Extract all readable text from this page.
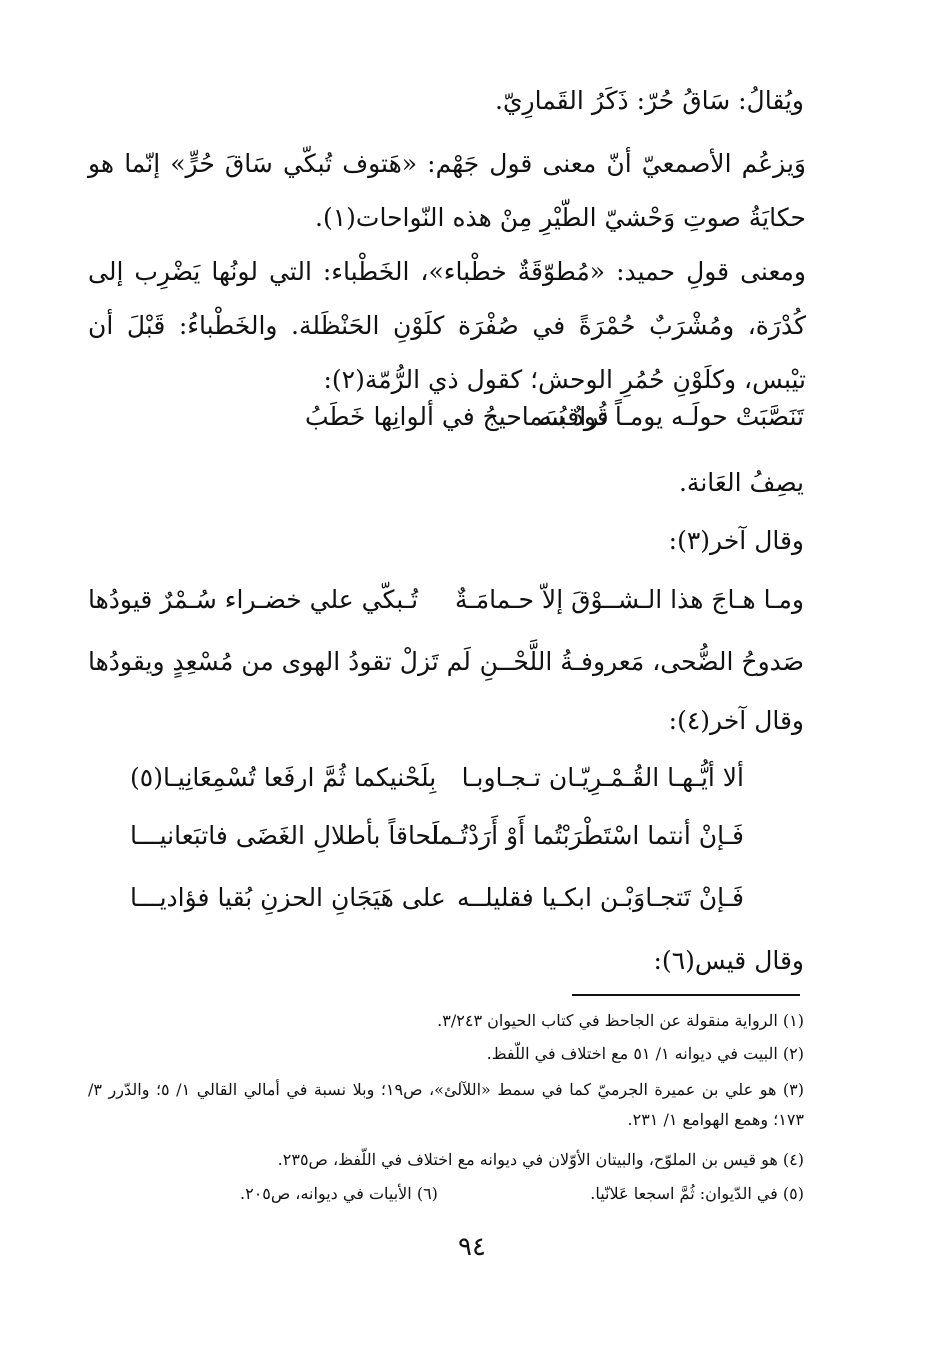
ويُقالُ: سَاقُ حُرّ: ذَكَرُ القَمارِيّ.
وَيزعُم الأصمعيّ أنّ معنى قول جَهْم: «هَتوف تُبكّي سَاقَ حُرٍّ» إنّما هو حكايَةُ صوتِ وَحْشيّ الطّيْرِ مِنْ هذه النّواحات(١).
ومعنى قولِ حميد: «مُطوّقَةٌ خطْباء»، الخَطْباء: التي لونُها يَضْرِب إلى كُدْرَة، ومُشْرَبٌ حُمْرَةً في صُفْرَة كلَوْنِ الحَنْظَلة. والخَطْباءُ: قَبْلَ أن تيْبس، وكلَوْنِ حُمُرِ الوحش؛ كقول ذي الرُّمّة(٢):
تَنَصَّبَتْ حولَـه يومـاً تراقبُـه
قُودٌ سَماحيجُ في ألوانِها خَطَبُ
يصِفُ العَانة.
وقال آخر(٣):
ومـا هـاجَ هذا الـشــوْقَ إلاّ حـمامَـةٌ
تُـبكّي علي خضـراء سُـمْرٌ قيودُها
صَدوحُ الضُّحى، مَعروفـةُ اللَّحْــنِ
لَم تَزلْ تقودُ الهوى من مُسْعِدٍ ويقودُها
وقال آخر(٤):
ألا أيُّـهـا القُـمْـرِيّـان تـجـاوبـا
بِلَحْنيكما ثُمَّ ارفَعا تُسْمِعَانِيـا(٥)
فَـإنْ أنتما اسْتَطْرَبْتُما أَوْ أَرَدْتُـما
لَحاقاً بأطلالِ الغَضَى فاتبَعانيـــا
فَـإنْ تَتجـاوَبْـن ابكـيا فقليلــه
على هَيَجَانِ الحزنِ بُقيا فؤاديـــا
وقال قيس(٦):
(١) الرواية منقولة عن الجاحظ في كتاب الحيوان ٣/٢٤٣.
(٢) البيت في ديوانه ١/ ٥١ مع اختلاف في اللّفظ.
(٣) هو علي بن عميرة الجرميّ كما في سمط «اللآلئ»، ص١٩؛ وبلا نسبة في أمالي القالي ١/ ٥؛ والدّرر ٣/ ١٧٣؛ وهمع الهوامع ١/ ٢٣١.
(٤) هو قيس بن الملوّح، والبيتان الأوّلان في ديوانه مع اختلاف في اللّفظ، ص٢٣٥.
(٥) في الدّيوان: ثُمَّ اسجعا عَلانّيا.
(٦) الأبيات في ديوانه، ص٢٠٥.
٩٤
